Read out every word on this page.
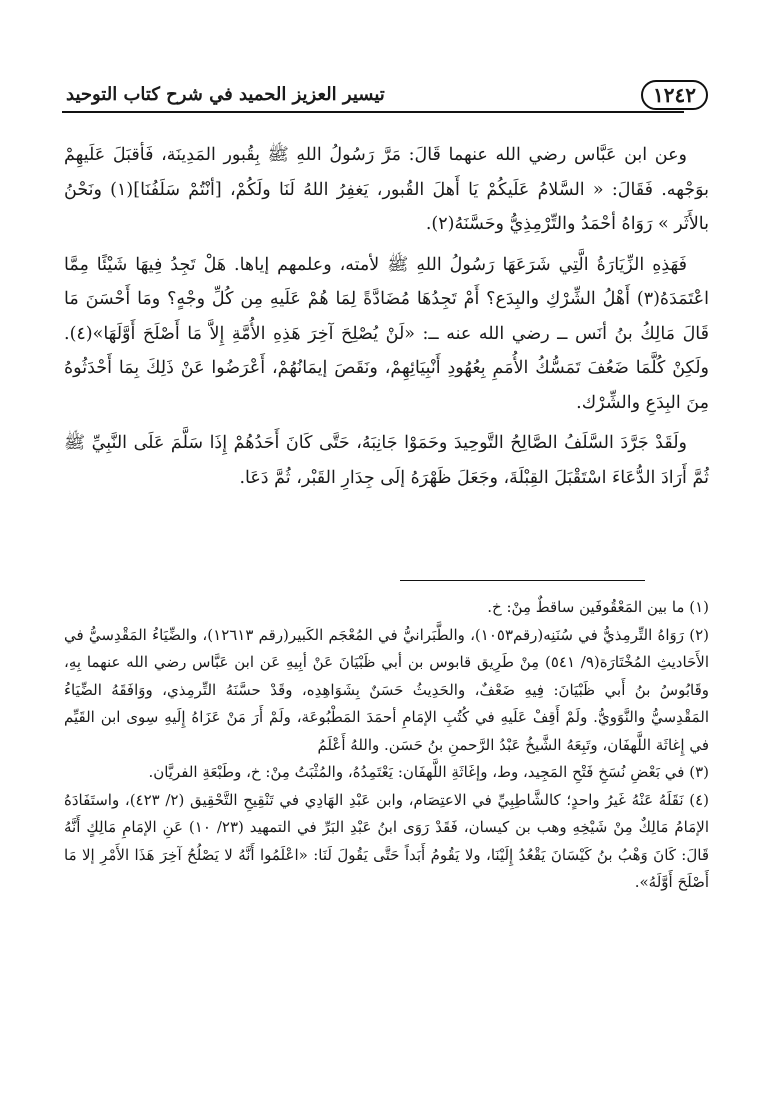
تيسير العزيز الحميد في شرح كتاب التوحيد	١٢٤٢

وعن ابن عَبَّاس رضي الله عنهما قَالَ: مَرَّ رَسُولُ اللهِ ﷺ بِقُبور المَدِينَة، فَأقبَلَ عَلَيهِمْ بوَجْهه. فَقَالَ: « السَّلامُ عَلَيكُمْ يَا أَهلَ القُبور، يَغفِرُ اللهُ لَنَا ولَكُمْ، [أنْتُمْ سَلَفُنَا](١) ونَحْنُ بالأَثَر » رَوَاهُ أحْمَدُ والتِّرْمِذِيُّ وحَسَّنَهُ(٢).

فَهَذِهِ الزِّيَارَةُ الَّتِي شَرَعَهَا رَسُولُ اللهِ ﷺ لأمته، وعلمهم إياها. هَلْ تَجِدُ فِيهَا شَيْئًا مِمَّا اعْتَمَدَهُ(٣) أَهْلُ الشِّرْكِ والبِدَع؟ أَمْ تَجِدُهَا مُضَادَّةً لِمَا هُمْ عَلَيهِ مِن كُلِّ وجْهٍ؟ ومَا أَحْسَنَ مَا قَالَ مَالِكُ بنُ أنَس ــ رضي الله عنه ــ: «لَنْ يُصْلِحَ آخِرَ هَذِهِ الأُمَّةِ إِلاَّ مَا أَصْلَحَ أَوَّلَهَا»(٤). ولَكِنْ كُلَّمَا ضَعُفَ تَمَسُّكُ الأُمَمِ بِعُهُودِ أَنْبِيَائِهِمْ، ونَقَصَ إيمَانُهُمْ، أَعْرَضُوا عَنْ ذَلِكَ بِمَا أَحْدَثُوهُ مِنَ البِدَعِ والشِّرْك.

ولَقَدْ جَرَّدَ السَّلَفُ الصَّالِحُ التَّوحِيدَ وحَمَوْا جَانِبَهُ، حَتَّى كَانَ أَحَدُهُمْ إِذَا سَلَّمَ عَلَى النَّبِيِّ ﷺ ثُمَّ أَرَادَ الدُّعَاءَ اسْتَقْبَلَ القِبْلَةَ، وجَعَلَ ظَهْرَهُ إلَى جِدَارِ القَبْر، ثُمَّ دَعَا.

(١) ما بين المَعْقُوفَين ساقطٌ مِنْ: خ.

(٢) رَوَاهُ التِّرمِذيُّ في سُنَنِه(رقم١٠٥٣)، والطَّبَرانيُّ في المُعْجَم الكَبير(رقم ١٢٦١٣)، والضِّيَاءُ المَقْدِسيُّ في الأَحَاديثِ المُخْتَارَة(٩/ ٥٤١) مِنْ طَرِيق قابوس بن أبي ظَبْيَانَ عَنْ أبِيهِ عَن ابن عَبَّاس رضي الله عنهما بِهِ، وقَابُوسُ بنُ أَبي ظَبْيَانَ: فِيهِ ضَعْفٌ، والحَدِيثُ حَسَنٌ بِشَوَاهِدِه، وقَدْ حسَّنَهُ التِّرمِذي، ووَافَقَهُ الضِّيَاءُ المَقْدِسيُّ والنَّوَويُّ. ولَمْ أَقِفْ عَلَيهِ في كُتُبِ الإمَامِ أحمَدَ المَطْبُوعَة، ولَمْ أَرَ مَنْ عَزَاهُ إِلَيهِ سِوى ابن القَيِّم في إِغاثَة اللَّهفَان، وتَبِعَهُ الشَّيخُ عَبْدُ الرَّحمنِ بنُ حَسَن. واللهُ أَعْلَمُ

(٣) في بَعْضِ نُسَخِ فَتْحِ المَجِيد، وط، وإغَاثَةِ اللَّهفَان: يَعْتَمِدُهُ، والمُثْبَتُ مِنْ: خ، وطَبْعَةِ الفريَّان.

(٤) نَقَلَهُ عَنْهُ غَيرُ واحدٍ؛ كالشَّاطِبِيِّ في الاعتِصَام، وابن عَبْدِ الهَادِي في تَنْقِيحِ التَّحْقِيق (٢/ ٤٢٣)، واستَفَادَهُ الإمَامُ مَالِكٌ مِنْ شَيْخِهِ وهب بن كيسان، فَقَدْ رَوَى ابنُ عَبْدِ البَرِّ في التمهيد (٢٣/ ١٠) عَنِ الإمَامِ مَالِكٍ أَنَّهُ قَالَ: كَانَ وَهْبُ بنُ كَيْسَانَ يَقْعُدُ إِلَيْنَا، ولا يَقُومُ أَبَداً حَتَّى يَقُولَ لَنَا: «اعْلَمُوا أَنَّهُ لا يَصْلُحُ آخِرَ هَذَا الأَمْرِ إلا مَا أَصْلَحَ أَوَّلَهُ».
